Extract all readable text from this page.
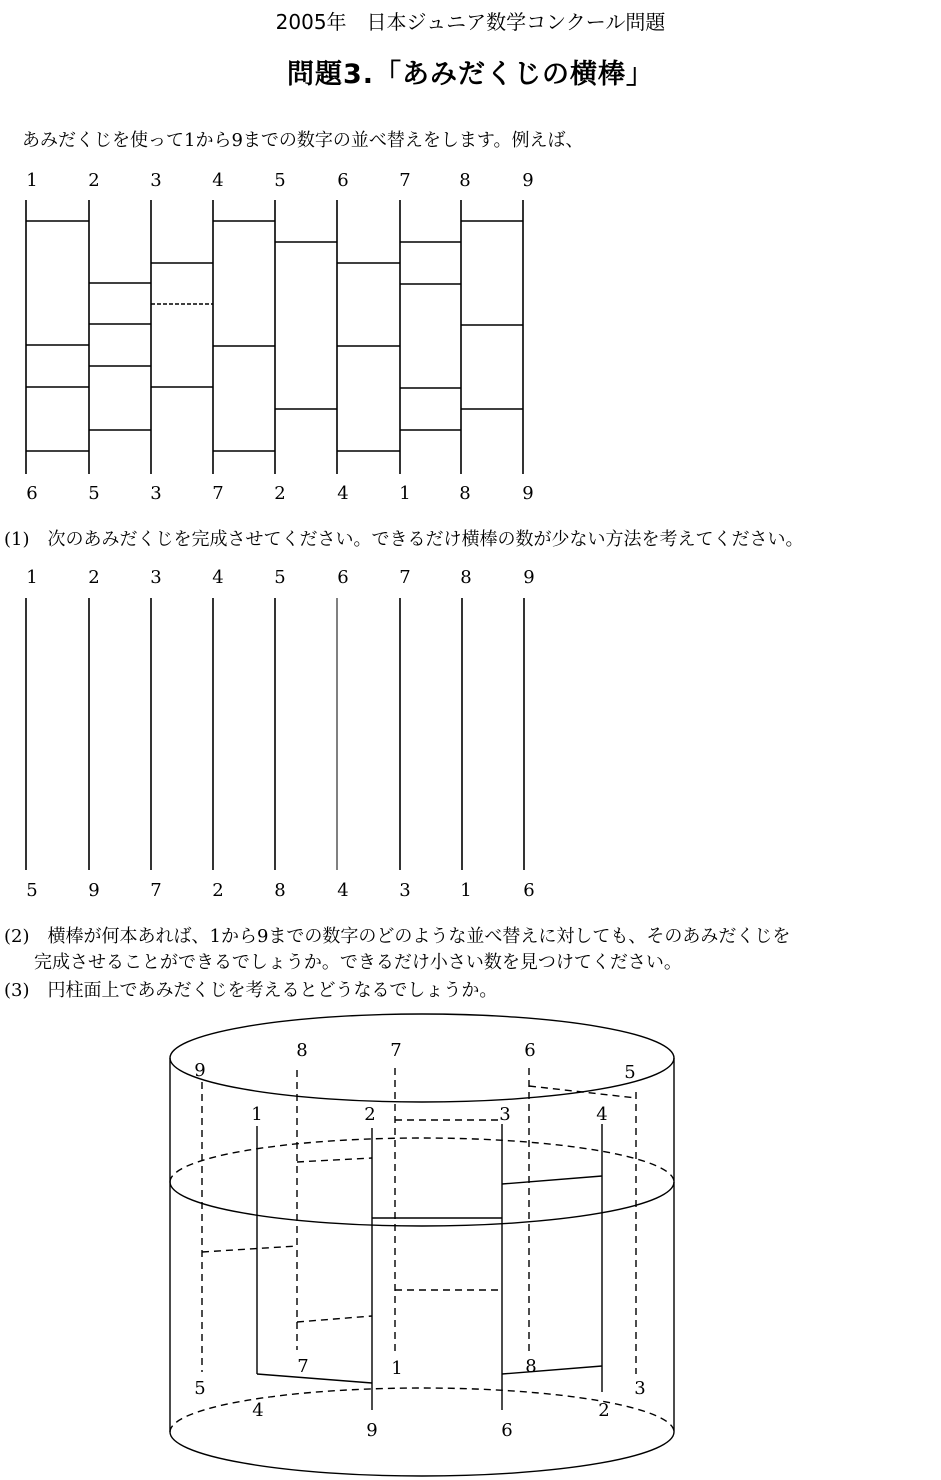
2005年　日本ジュニア数学コンクール問題
問題3.「あみだくじの横棒」
あみだくじを使って1から9までの数字の並べ替えをします。例えば、
1	2	3	4	5	6	7	8	9
6	5	3	7	2	4	1	8	9
(1)　次のあみだくじを完成させてください。できるだけ横棒の数が少ない方法を考えてください。
1	2	3	4	5	6	7	8	9
5	9	7	2	8	4	3	1	6
(2)　横棒が何本あれば、1から9までの数字のどのような並べ替えに対しても、そのあみだくじを
完成させることができるでしょうか。できるだけ小さい数を見つけてください。
(3)　円柱面上であみだくじを考えるとどうなるでしょうか。
8	7	6
9	5
1	2	3	4
7	1	8
5	3
4	2
9	6
